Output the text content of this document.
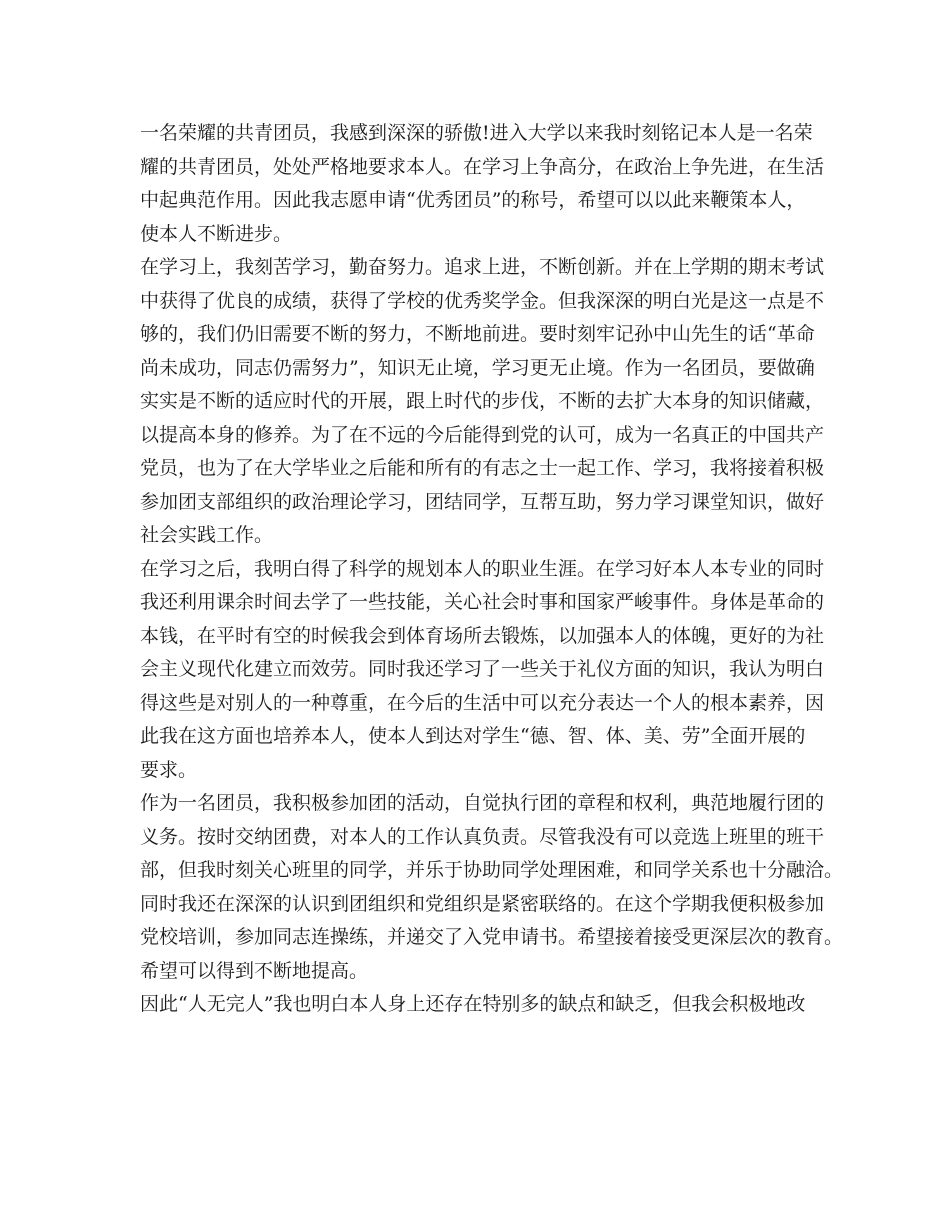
一名荣耀的共青团员，我感到深深的骄傲!进入大学以来我时刻铭记本人是一名荣
耀的共青团员，处处严格地要求本人。在学习上争高分，在政治上争先进，在生活
中起典范作用。因此我志愿申请“优秀团员”的称号，希望可以以此来鞭策本人，
使本人不断进步。
在学习上，我刻苦学习，勤奋努力。追求上进，不断创新。并在上学期的期末考试
中获得了优良的成绩，获得了学校的优秀奖学金。但我深深的明白光是这一点是不
够的，我们仍旧需要不断的努力，不断地前进。要时刻牢记孙中山先生的话“革命
尚未成功，同志仍需努力”，知识无止境，学习更无止境。作为一名团员，要做确
实实是不断的适应时代的开展，跟上时代的步伐，不断的去扩大本身的知识储藏，
以提高本身的修养。为了在不远的今后能得到党的认可，成为一名真正的中国共产
党员，也为了在大学毕业之后能和所有的有志之士一起工作、学习，我将接着积极
参加团支部组织的政治理论学习，团结同学，互帮互助，努力学习课堂知识，做好
社会实践工作。
在学习之后，我明白得了科学的规划本人的职业生涯。在学习好本人本专业的同时
我还利用课余时间去学了一些技能，关心社会时事和国家严峻事件。身体是革命的
本钱，在平时有空的时候我会到体育场所去锻炼，以加强本人的体魄，更好的为社
会主义现代化建立而效劳。同时我还学习了一些关于礼仪方面的知识，我认为明白
得这些是对别人的一种尊重，在今后的生活中可以充分表达一个人的根本素养，因
此我在这方面也培养本人，使本人到达对学生“德、智、体、美、劳”全面开展的
要求。
作为一名团员，我积极参加团的活动，自觉执行团的章程和权利，典范地履行团的
义务。按时交纳团费，对本人的工作认真负责。尽管我没有可以竞选上班里的班干
部，但我时刻关心班里的同学，并乐于协助同学处理困难，和同学关系也十分融洽。
同时我还在深深的认识到团组织和党组织是紧密联络的。在这个学期我便积极参加
党校培训，参加同志连操练，并递交了入党申请书。希望接着接受更深层次的教育。
希望可以得到不断地提高。
因此“人无完人”我也明白本人身上还存在特别多的缺点和缺乏，但我会积极地改
